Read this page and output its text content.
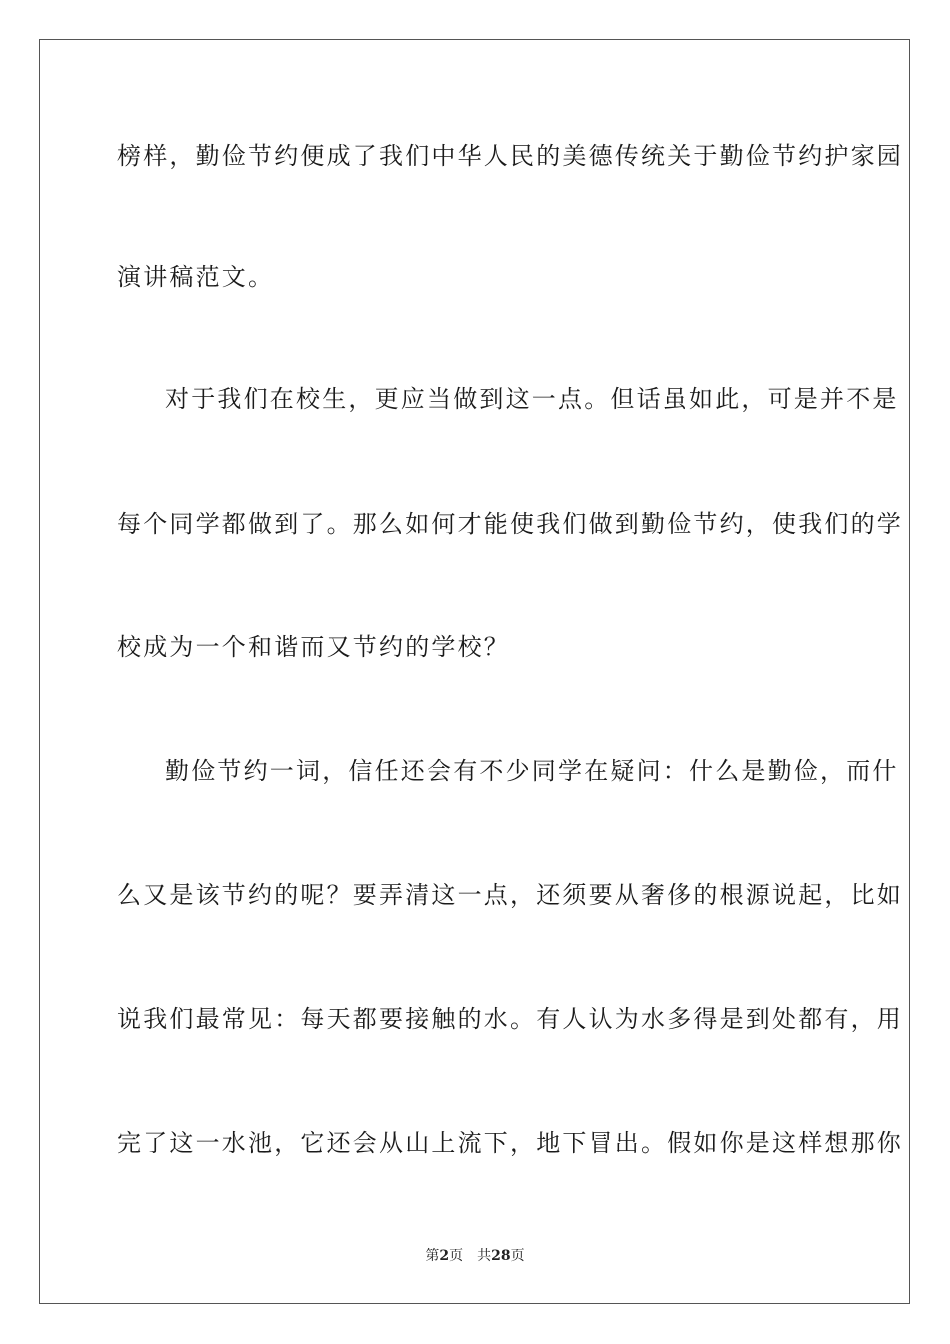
榜样，勤俭节约便成了我们中华人民的美德传统关于勤俭节约护家园
演讲稿范文。
对于我们在校生，更应当做到这一点。但话虽如此，可是并不是
每个同学都做到了。那么如何才能使我们做到勤俭节约，使我们的学
校成为一个和谐而又节约的学校？
勤俭节约一词，信任还会有不少同学在疑问：什么是勤俭，而什
么又是该节约的呢？要弄清这一点，还须要从奢侈的根源说起，比如
说我们最常见：每天都要接触的水。有人认为水多得是到处都有，用
完了这一水池，它还会从山上流下，地下冒出。假如你是这样想那你
第2页 共28页
